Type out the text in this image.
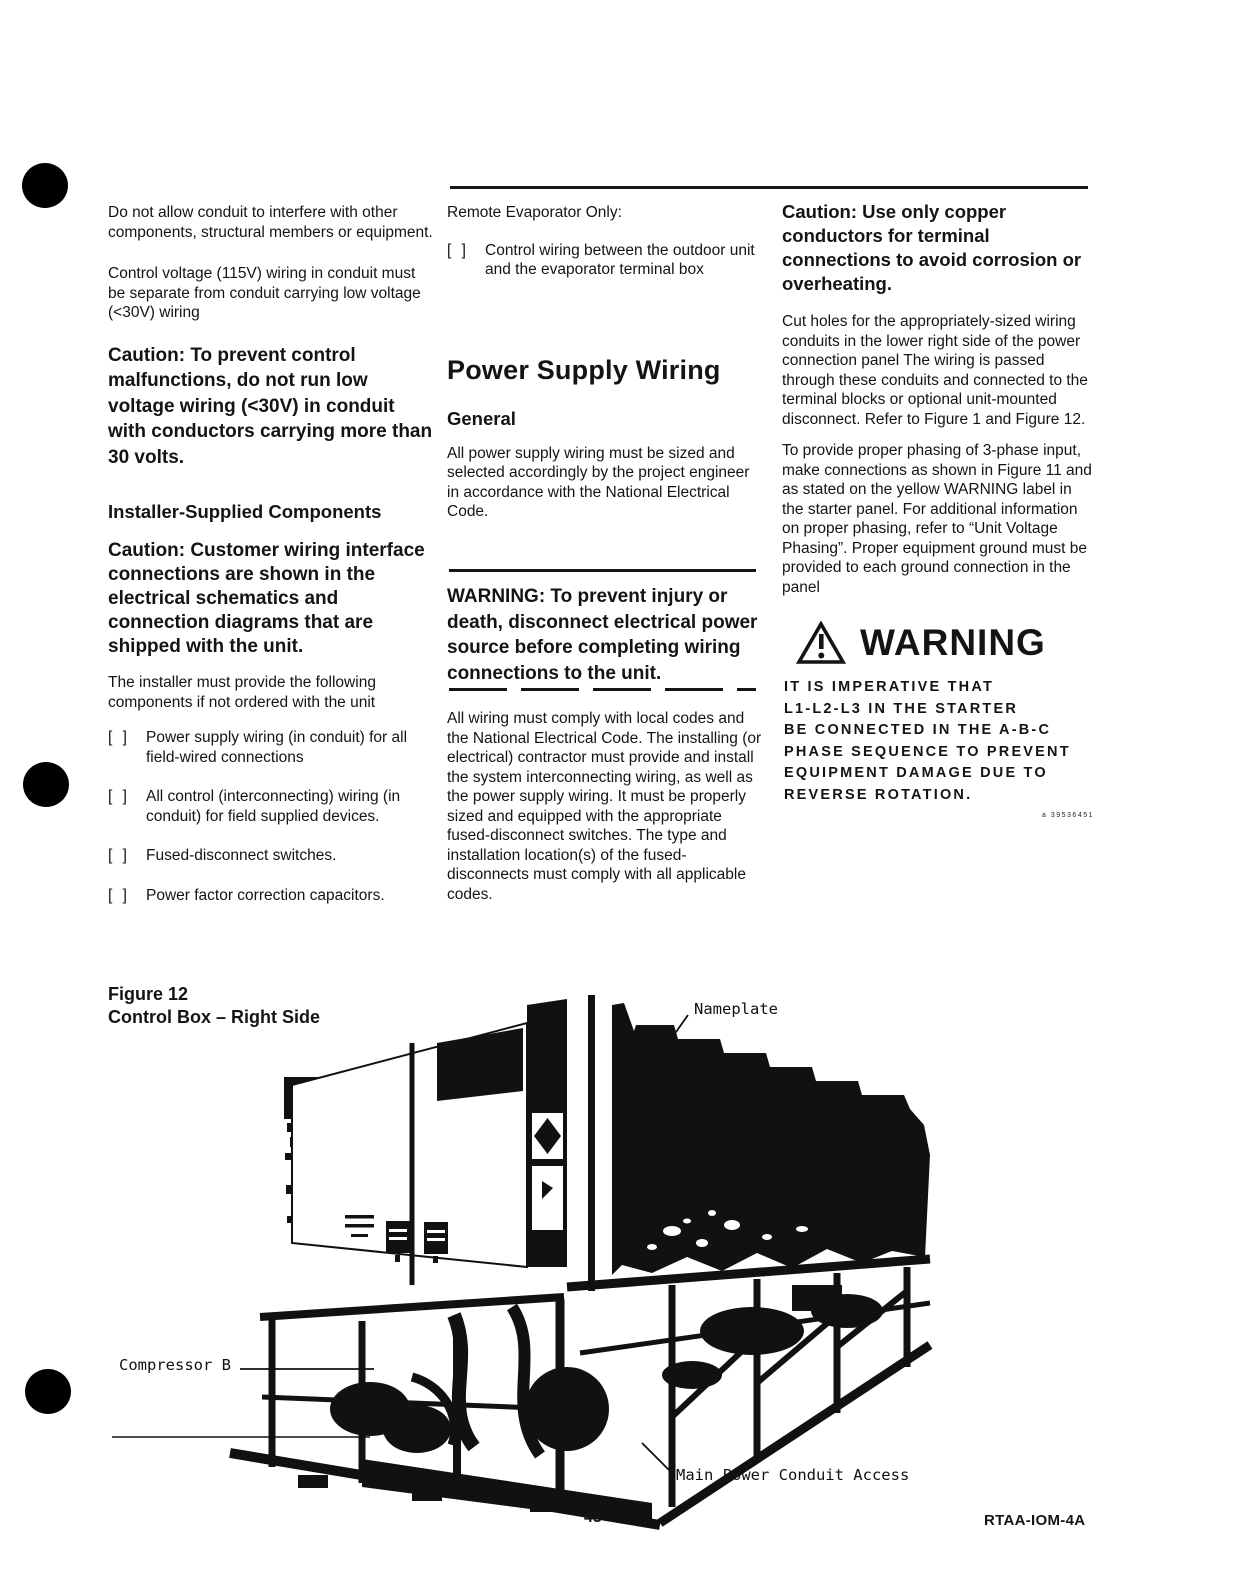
Do not allow conduit to interfere with other components, structural members or equipment.

Control voltage (115V) wiring in conduit must be separate from conduit carrying low voltage (<30V) wiring

Caution: To prevent control malfunctions, do not run low voltage wiring (<30V) in conduit with conductors carrying more than 30 volts.

Installer-Supplied Components

Caution: Customer wiring interface connections are shown in the electrical schematics and connection diagrams that are shipped with the unit.

The installer must provide the following components if not ordered with the unit

[ ]	Power supply wiring (in conduit) for all field-wired connections
[ ]	All control (interconnecting) wiring (in conduit) for field supplied devices.
[ ]	Fused-disconnect switches.
[ ]	Power factor correction capacitors.

Remote Evaporator Only:

[ ]	Control wiring between the outdoor unit and the evaporator terminal box

Power Supply Wiring

General

All power supply wiring must be sized and selected accordingly by the project engineer in accordance with the National Electrical Code.

WARNING: To prevent injury or death, disconnect electrical power source before completing wiring connections to the unit.

All wiring must comply with local codes and the National Electrical Code. The installing (or electrical) contractor must provide and install the system interconnecting wiring, as well as the power supply wiring. It must be properly sized and equipped with the appropriate fused-disconnect switches. The type and installation location(s) of the fused-disconnects must comply with all applicable codes.

Caution: Use only copper conductors for terminal connections to avoid corrosion or overheating.

Cut holes for the appropriately-sized wiring conduits in the lower right side of the power connection panel The wiring is passed through these conduits and connected to the terminal blocks or optional unit-mounted disconnect. Refer to Figure 1 and Figure 12.

To provide proper phasing of 3-phase input, make connections as shown in Figure 11 and as stated on the yellow WARNING label in the starter panel. For additional information on proper phasing, refer to “Unit Voltage Phasing”. Proper equipment ground must be provided to each ground connection in the panel

WARNING
IT IS IMPERATIVE THAT
L1-L2-L3 IN THE STARTER
BE CONNECTED IN THE A-B-C
PHASE SEQUENCE TO PREVENT
EQUIPMENT DAMAGE DUE TO
REVERSE ROTATION.
a 39536451
Figure 12
Control Box – Right Side	Nameplate
Compressor B
Main Power Conduit Access
43	RTAA-IOM-4A
